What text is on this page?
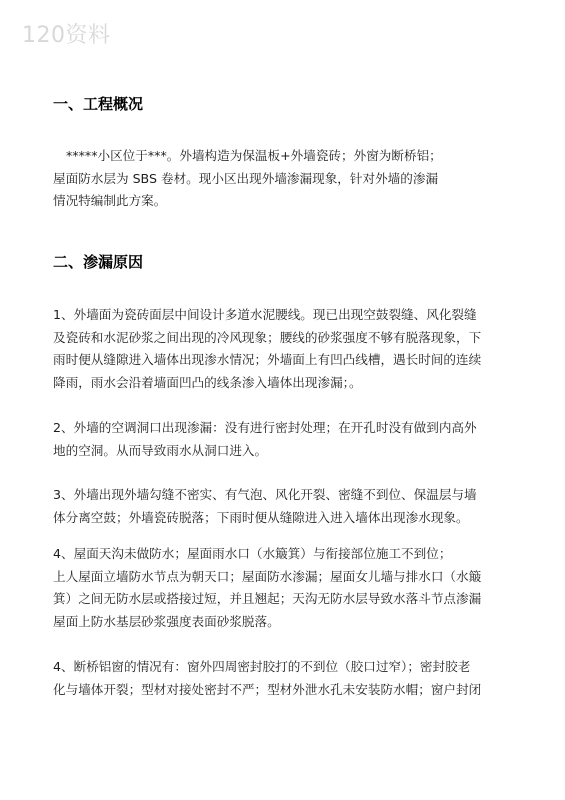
120资料
一、工程概况
*****小区位于***。外墙构造为保温板+外墙瓷砖；外窗为断桥铝；
屋面防水层为 SBS 卷材。现小区出现外墙渗漏现象，针对外墙的渗漏
情况特编制此方案。
二、渗漏原因
1、外墙面为瓷砖面层中间设计多道水泥腰线。现已出现空鼓裂缝、风化裂缝
及瓷砖和水泥砂浆之间出现的冷风现象；腰线的砂浆强度不够有脱落现象，下
雨时便从缝隙进入墙体出现渗水情况；外墙面上有凹凸线槽，遇长时间的连续
降雨，雨水会沿着墙面凹凸的线条渗入墙体出现渗漏；。
2、外墙的空调洞口出现渗漏：没有进行密封处理；在开孔时没有做到内高外
地的空洞。从而导致雨水从洞口进入。
3、外墙出现外墙勾缝不密实、有气泡、风化开裂、密缝不到位、保温层与墙
体分离空鼓；外墙瓷砖脱落；下雨时便从缝隙进入进入墙体出现渗水现象。
4、屋面天沟未做防水；屋面雨水口（水簸箕）与衔接部位施工不到位；
上人屋面立墙防水节点为朝天口；屋面防水渗漏；屋面女儿墙与排水口（水簸
箕）之间无防水层或搭接过短，并且翘起；天沟无防水层导致水落斗节点渗漏
屋面上防水基层砂浆强度表面砂浆脱落。
4、断桥铝窗的情况有：窗外四周密封胶打的不到位（胶口过窄）；密封胶老
化与墙体开裂；型材对接处密封不严；型材外泄水孔未安装防水帽；窗户封闭
